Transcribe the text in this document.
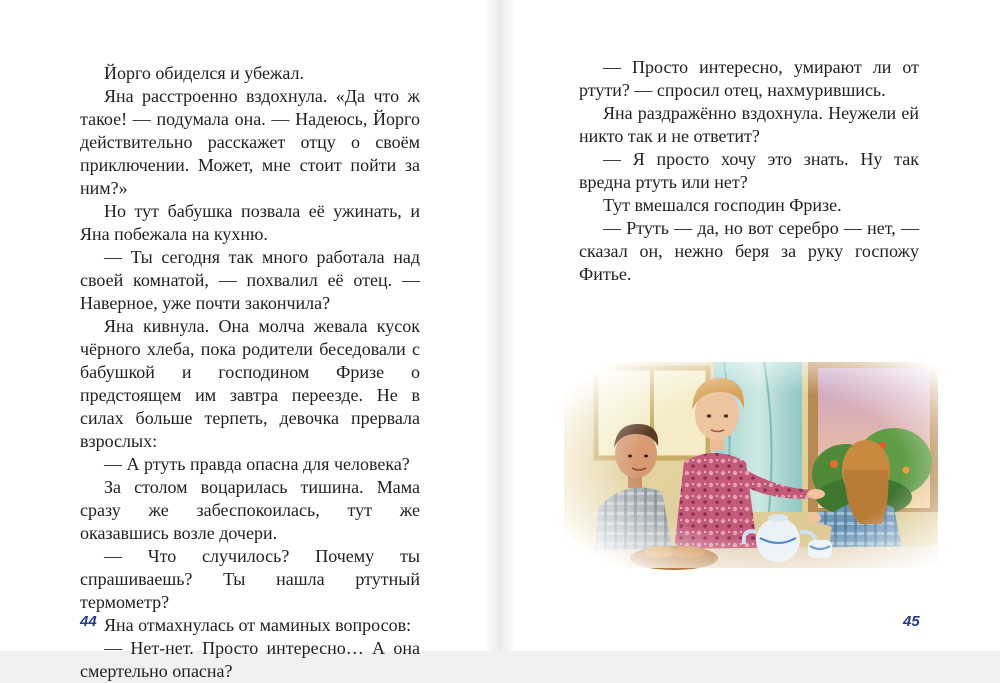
Йорго обиделся и убежал.

Яна расстроенно вздохнула. «Да что ж такое! — подумала она. — Надеюсь, Йорго действительно расскажет отцу о своём приключении. Может, мне стоит пойти за ним?»

Но тут бабушка позвала её ужинать, и Яна побежала на кухню.

— Ты сегодня так много работала над своей комнатой, — похвалил её отец. — Наверное, уже почти закончила?

Яна кивнула. Она молча жевала кусок чёрного хлеба, пока родители беседовали с бабушкой и господином Фризе о предстоящем им завтра переезде. Не в силах больше терпеть, девочка прервала взрослых:

— А ртуть правда опасна для человека?

За столом воцарилась тишина. Мама сразу же забеспокоилась, тут же оказавшись возле дочери.

— Что случилось? Почему ты спрашиваешь? Ты нашла ртутный термометр?

Яна отмахнулась от маминых вопросов:

— Нет-нет. Просто интересно… А она смертельно опасна?

44

— Просто интересно, умирают ли от ртути? — спросил отец, нахмурившись.

Яна раздражённо вздохнула. Неужели ей никто так и не ответит?

— Я просто хочу это знать. Ну так вредна ртуть или нет?

Тут вмешался господин Фризе.

— Ртуть — да, но вот серебро — нет, — сказал он, нежно беря за руку госпожу Фитье.

45
